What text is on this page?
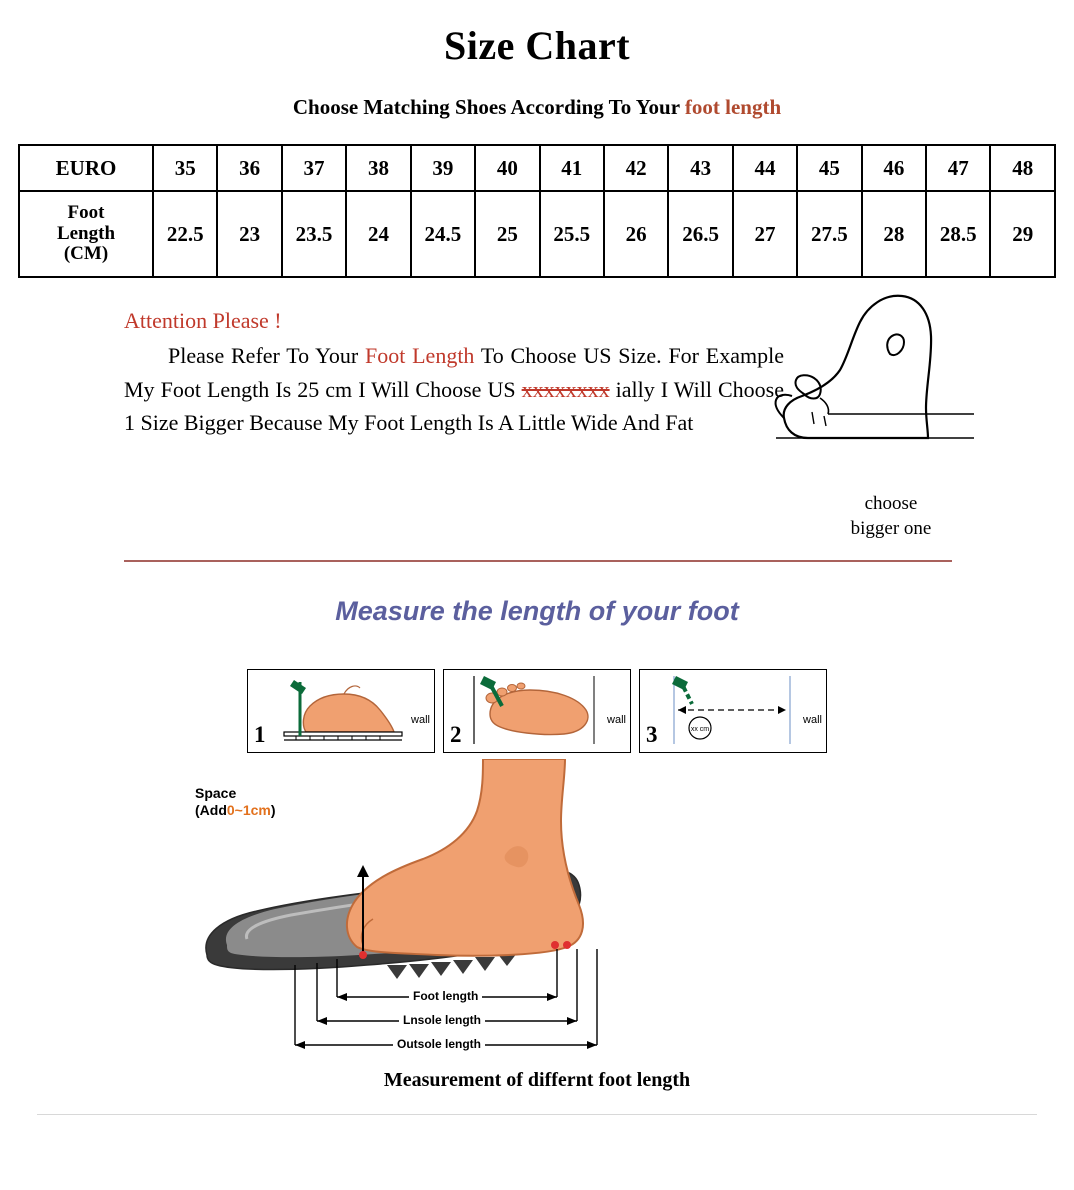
Size Chart
Choose Matching Shoes According To Your foot length
EURO	35	36	37	38	39	40	41	42	43	44	45	46	47	48

Foot
Length
(CM)	22.5	23	23.5	24	24.5	25	25.5	26	26.5	27	27.5	28	28.5	29
Attention Please !
Please Refer To Your Foot Length To Choose US Size. For Example My Foot Length Is 25 cm I Will Choose US xxxxxxxx ially I Will Choose 1 Size Bigger Because My Foot Length Is A Little Wide And Fat
choose
bigger one
Measure the length of your foot
1
wall
2
wall
xx cm
3
wall
Space
(Add0~1cm)
Foot length
Lnsole length
Outsole length
Measurement of differnt foot length
